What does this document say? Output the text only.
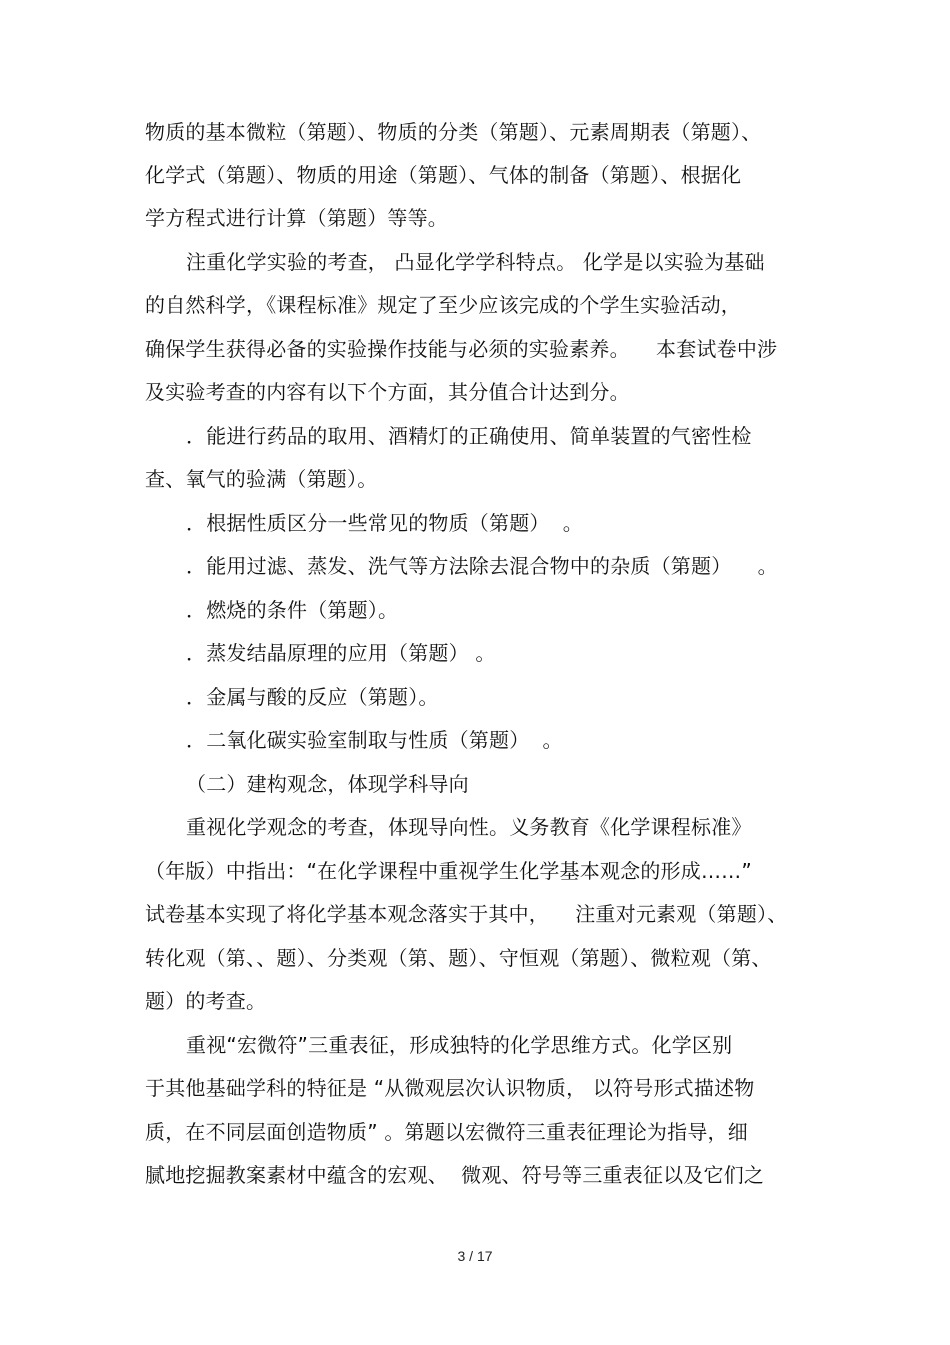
物质的基本微粒（第题）、物质的分类（第题）、元素周期表（第题）、
化学式（第题）、物质的用途（第题）、气体的制备（第题）、根据化
学方程式进行计算（第题）等等。
注重化学实验的考查， 凸显化学学科特点。 化学是以实验为基础
的自然科学，《课程标准》规定了至少应该完成的个学生实验活动，
确保学生获得必备的实验操作技能与必须的实验素养。    本套试卷中涉
及实验考查的内容有以下个方面，其分值合计达到分。
．能进行药品的取用、酒精灯的正确使用、简单装置的气密性检
查、氧气的验满（第题）。
．根据性质区分一些常见的物质（第题）  。
．能用过滤、蒸发、洗气等方法除去混合物中的杂质（第题）    。
．燃烧的条件（第题）。
．蒸发结晶原理的应用（第题） 。
．金属与酸的反应（第题）。
．二氧化碳实验室制取与性质（第题）  。
（二）建构观念，体现学科导向
重视化学观念的考查，体现导向性。义务教育《化学课程标准》
（年版）中指出：“在化学课程中重视学生化学基本观念的形成……”
试卷基本实现了将化学基本观念落实于其中，    注重对元素观（第题）、
转化观（第、、题）、分类观（第、题）、守恒观（第题）、微粒观（第、
题）的考查。
重视“宏微符”三重表征，形成独特的化学思维方式。化学区别
于其他基础学科的特征是 “从微观层次认识物质， 以符号形式描述物
质，在不同层面创造物质” 。第题以宏微符三重表征理论为指导，细
腻地挖掘教案素材中蕴含的宏观、  微观、符号等三重表征以及它们之
3 / 17
